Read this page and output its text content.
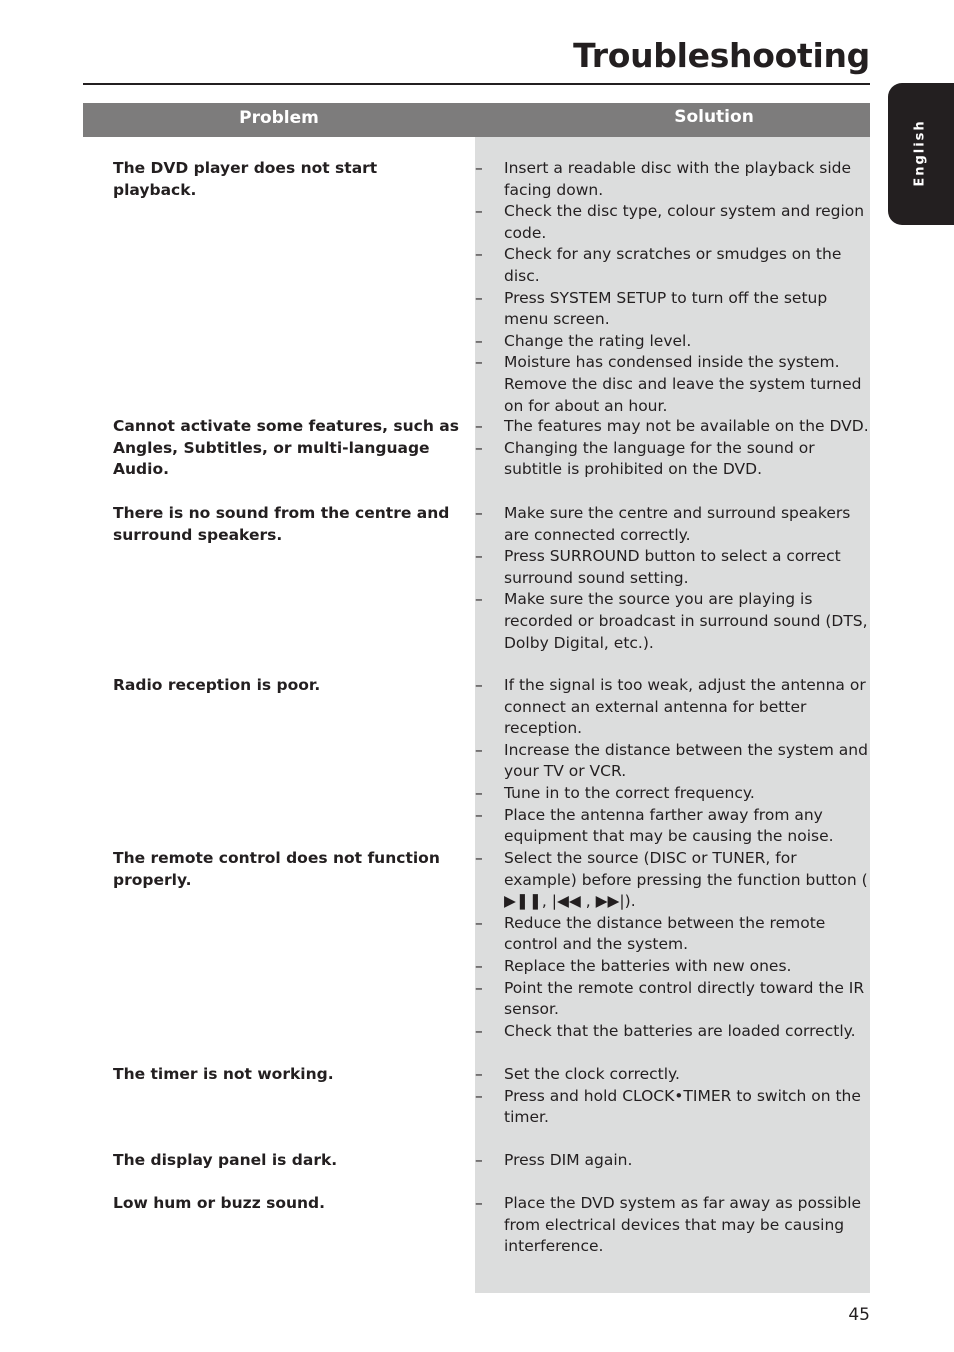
Troubleshooting
English
Problem	Solution
The DVD player does not start playback.
– Insert a readable disc with the playback side facing down.
– Check the disc type, colour system and region code.
– Check for any scratches or smudges on the disc.
– Press SYSTEM SETUP to turn off the setup menu screen.
– Change the rating level.
– Moisture has condensed inside the system. Remove the disc and leave the system turned on for about an hour.
Cannot activate some features, such as Angles, Subtitles, or multi-language Audio.
– The features may not be available on the DVD.
– Changing the language for the sound or subtitle is prohibited on the DVD.
There is no sound from the centre and surround speakers.
– Make sure the centre and surround speakers are connected correctly.
– Press SURROUND button to select a correct surround sound setting.
– Make sure the source you are playing is recorded or broadcast in surround sound (DTS, Dolby Digital, etc.).
Radio reception is poor.	– If the signal is too weak, adjust the antenna or connect an external antenna for better reception.
– Increase the distance between the system and your TV or VCR.
– Tune in to the correct frequency.
– Place the antenna farther away from any equipment that may be causing the noise.
The remote control does not function properly.
– Select the source (DISC or TUNER, for example) before pressing the function button ( ▶❚❚, |◀◀ , ▶▶|).
– Reduce the distance between the remote control and the system.
– Replace the batteries with new ones.
– Point the remote control directly toward the IR sensor.
– Check that the batteries are loaded correctly.
The timer is not working.	– Set the clock correctly.
– Press and hold CLOCK•TIMER to switch on the timer.
The display panel is dark.	– Press DIM again.
Low hum or buzz sound.	– Place the DVD system as far away as possible from electrical devices that may be causing interference.
45
